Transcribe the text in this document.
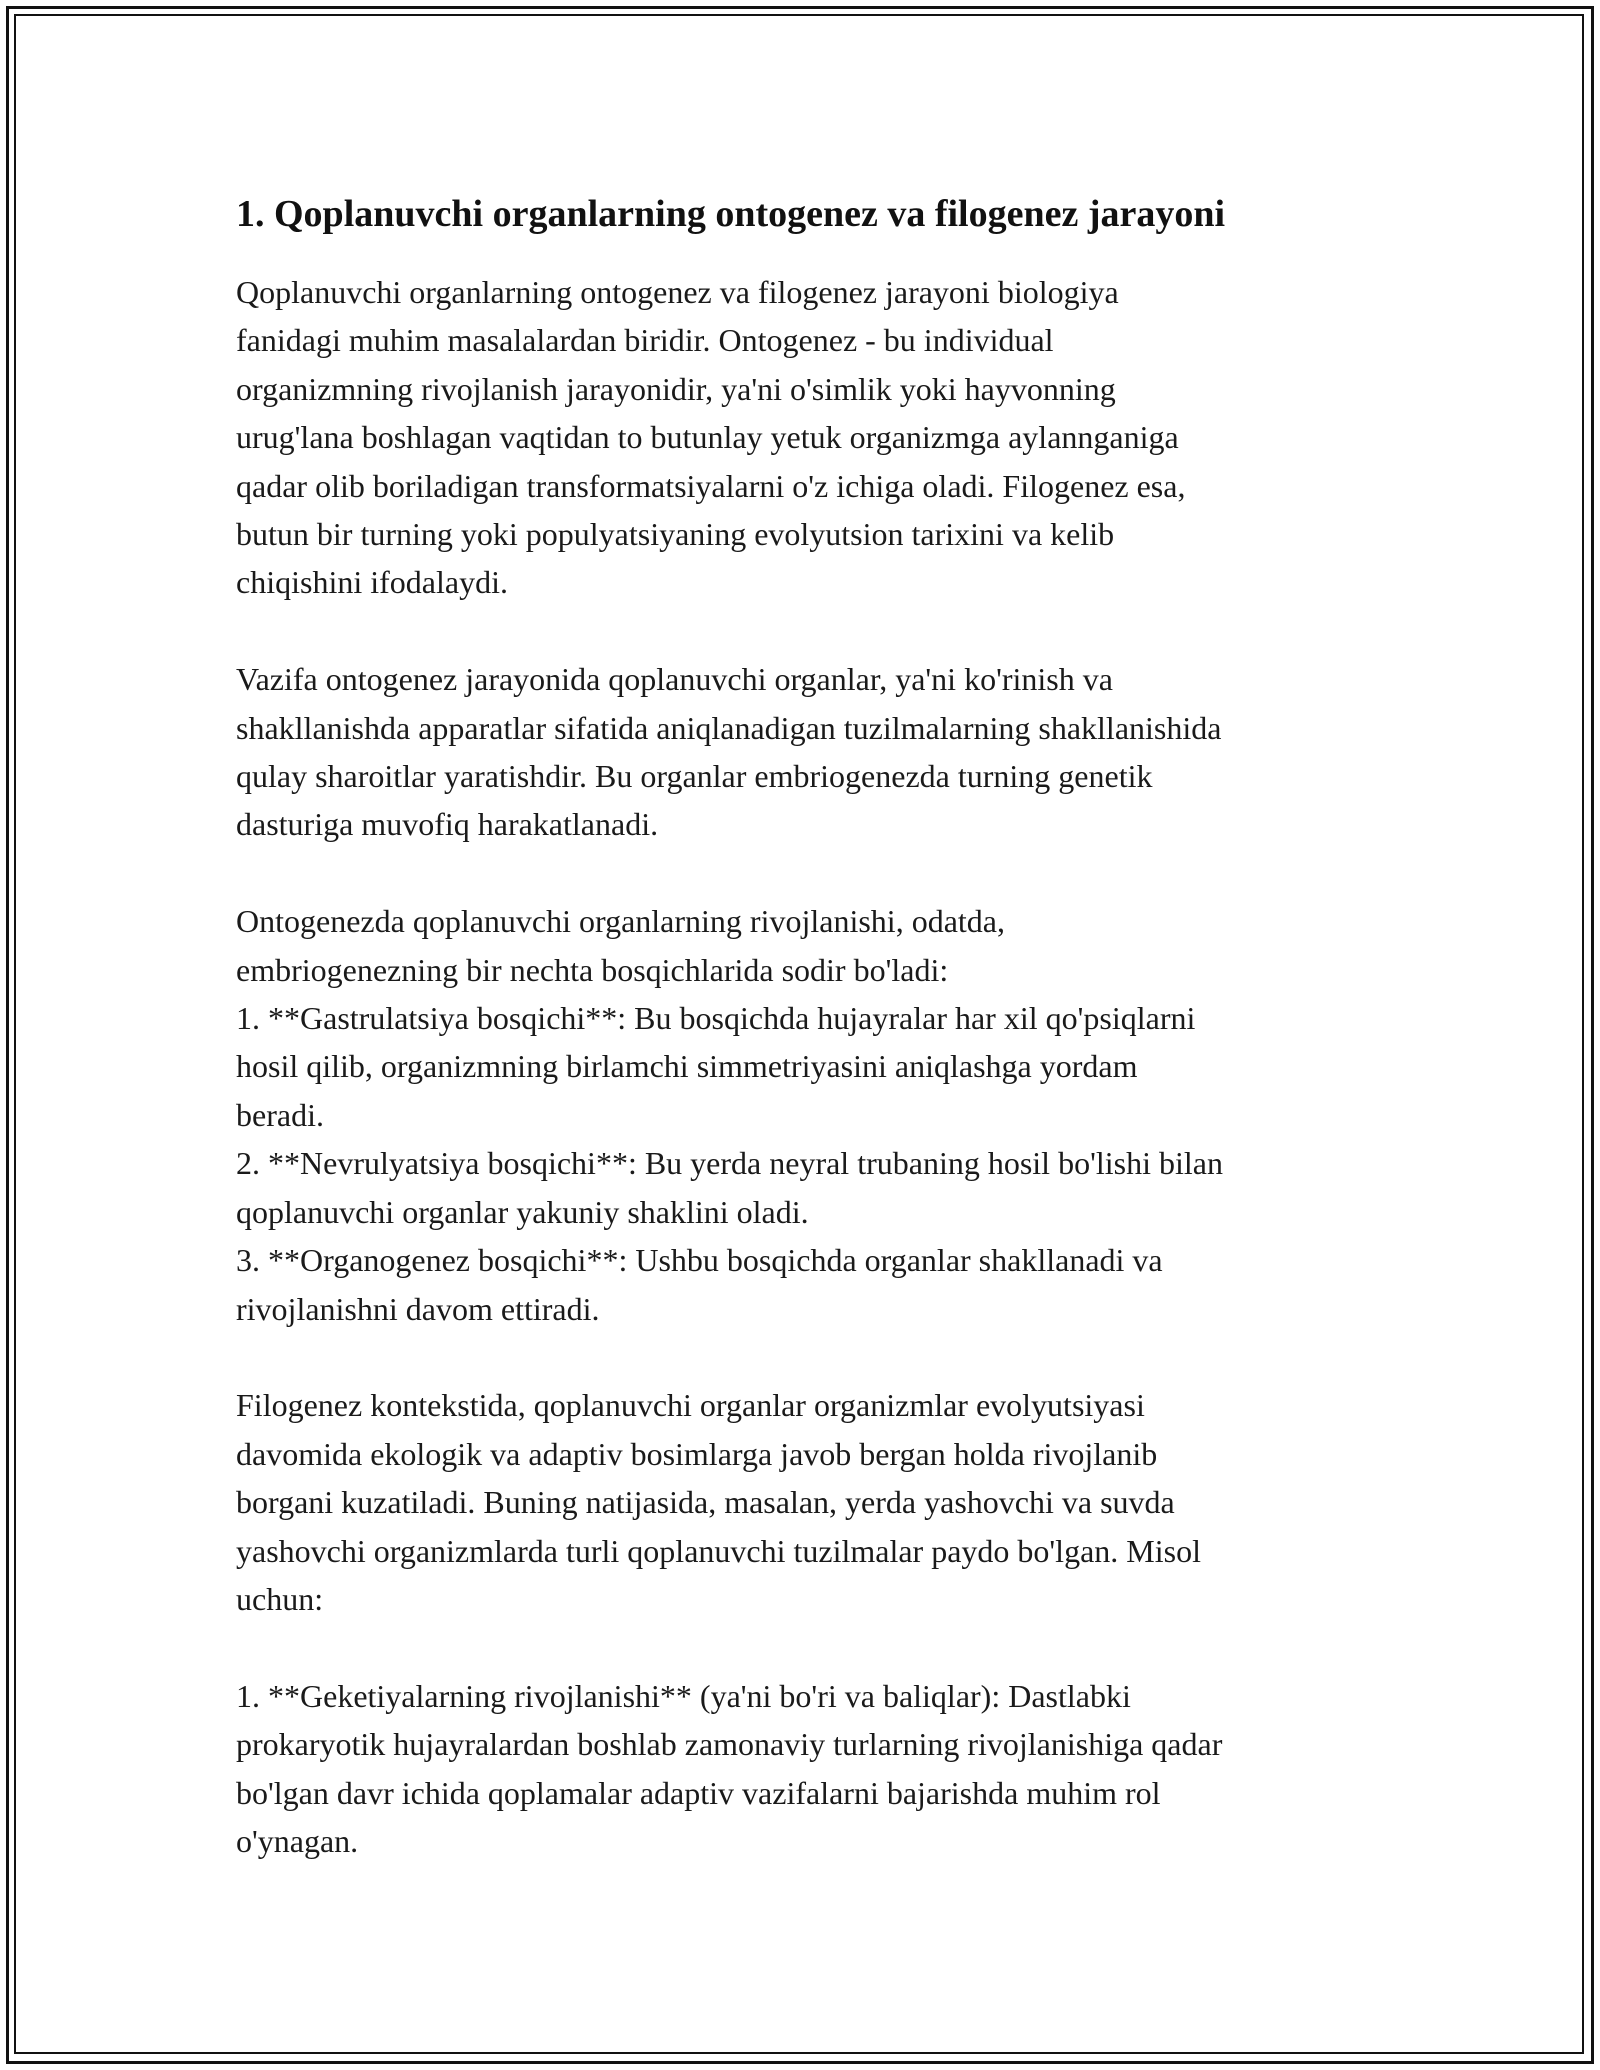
1. Qoplanuvchi organlarning ontogenez va filogenez jarayoni
Qoplanuvchi organlarning ontogenez va filogenez jarayoni biologiya
fanidagi muhim masalalardan biridir. Ontogenez - bu individual
organizmning rivojlanish jarayonidir, ya'ni o'simlik yoki hayvonning
urug'lana boshlagan vaqtidan to butunlay yetuk organizmga aylannganiga
qadar olib boriladigan transformatsiyalarni o'z ichiga oladi. Filogenez esa,
butun bir turning yoki populyatsiyaning evolyutsion tarixini va kelib
chiqishini ifodalaydi.
Vazifa ontogenez jarayonida qoplanuvchi organlar, ya'ni ko'rinish va
shakllanishda apparatlar sifatida aniqlanadigan tuzilmalarning shakllanishida
qulay sharoitlar yaratishdir. Bu organlar embriogenezda turning genetik
dasturiga muvofiq harakatlanadi.
Ontogenezda qoplanuvchi organlarning rivojlanishi, odatda,
embriogenezning bir nechta bosqichlarida sodir bo'ladi:
1. **Gastrulatsiya bosqichi**: Bu bosqichda hujayralar har xil qo'psiqlarni
hosil qilib, organizmning birlamchi simmetriyasini aniqlashga yordam
beradi.
2. **Nevrulyatsiya bosqichi**: Bu yerda neyral trubaning hosil bo'lishi bilan
qoplanuvchi organlar yakuniy shaklini oladi.
3. **Organogenez bosqichi**: Ushbu bosqichda organlar shakllanadi va
rivojlanishni davom ettiradi.
Filogenez kontekstida, qoplanuvchi organlar organizmlar evolyutsiyasi
davomida ekologik va adaptiv bosimlarga javob bergan holda rivojlanib
borgani kuzatiladi. Buning natijasida, masalan, yerda yashovchi va suvda
yashovchi organizmlarda turli qoplanuvchi tuzilmalar paydo bo'lgan. Misol
uchun:
1. **Geketiyalarning rivojlanishi** (ya'ni bo'ri va baliqlar): Dastlabki
prokaryotik hujayralardan boshlab zamonaviy turlarning rivojlanishiga qadar
bo'lgan davr ichida qoplamalar adaptiv vazifalarni bajarishda muhim rol
o'ynagan.
